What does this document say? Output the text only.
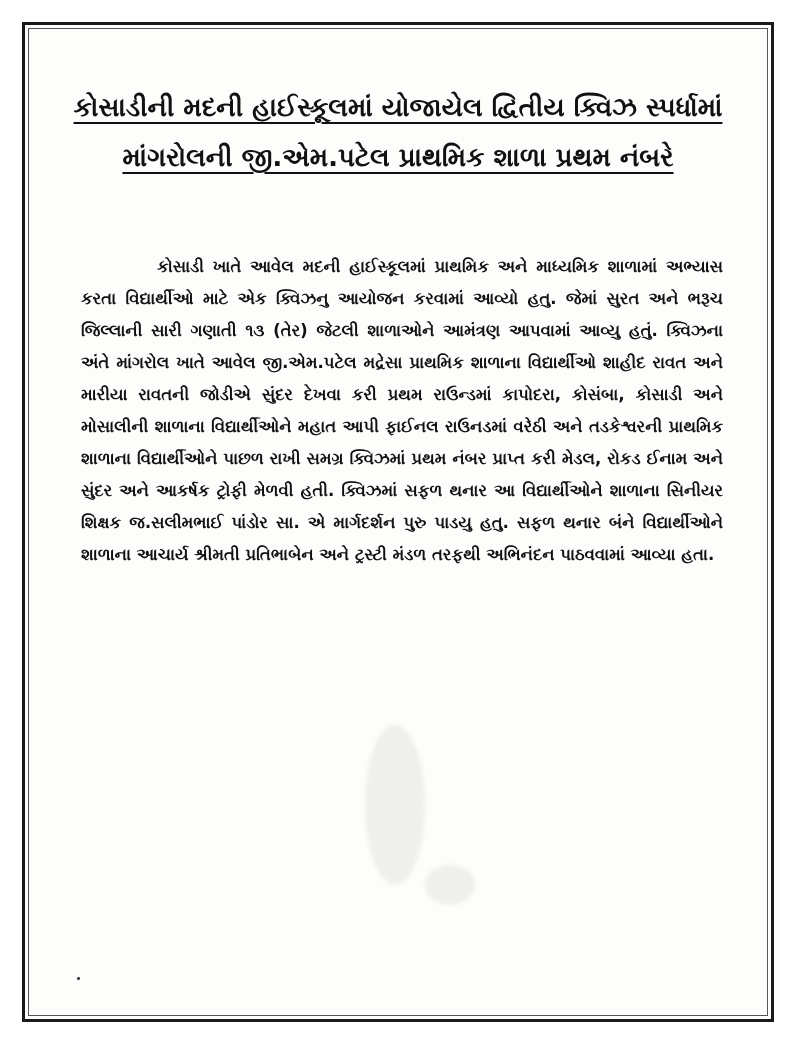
કોસાડીની મદની હાઈસ્કૂલમાં યોજાયેલ દ્વિતીય ક્વિઝ સ્પર્ધામાં
માંગરોલની જી.એમ.પટેલ પ્રાથમિક શાળા પ્રથમ નંબરે

કોસાડી ખાતે આવેલ મદની હાઈસ્કૂલમાં પ્રાથમિક અને માધ્યમિક શાળામાં અભ્યાસ કરતા વિદ્યાર્થીઓ માટે એક ક્વિઝનુ આયોજન કરવામાં આવ્યો હતુ. જેમાં સુરત અને ભરૂચ જિલ્લાની સારી ગણાતી ૧૩ (તેર) જેટલી શાળાઓને આમંત્રણ આપવામાં આવ્યુ હતું. ક્વિઝના અંતે માંગરોલ ખાતે આવેલ જી.એમ.પટેલ મદ્રેસા પ્રાથમિક શાળાના વિદ્યાર્થીઓ શાહીદ રાવત અને મારીયા રાવતની જોડીએ સુંદર દેખવા કરી પ્રથમ રાઉન્ડમાં કાપોદરા, કોસંબા, કોસાડી અને મોસાલીની શાળાના વિદ્યાર્થીઓને મહાત આપી ફાઈનલ રાઉનડમાં વરેઠી અને તડકેશ્વરની પ્રાથમિક શાળાના વિદ્યાર્થીઓને પાછળ રાખી સમગ્ર ક્વિઝમાં પ્રથમ નંબર પ્રાપ્ત કરી મેડલ, રોકડ ઈનામ અને સુંદર અને આકર્ષક ટ્રોફી મેળવી હતી. ક્વિઝમાં સફળ થનાર આ વિદ્યાર્થીઓને શાળાના સિનીયર શિક્ષક જ.સલીમભાઈ પાંડોર સા. એ માર્ગદર્શન પુરુ પાડયુ હતુ. સફળ થનાર બંને વિદ્યાર્થીઓને શાળાના આચાર્ય શ્રીમતી પ્રતિભાબેન અને ટ્રસ્ટી મંડળ તરફથી અભિનંદન પાઠવવામાં આવ્યા હતા.
